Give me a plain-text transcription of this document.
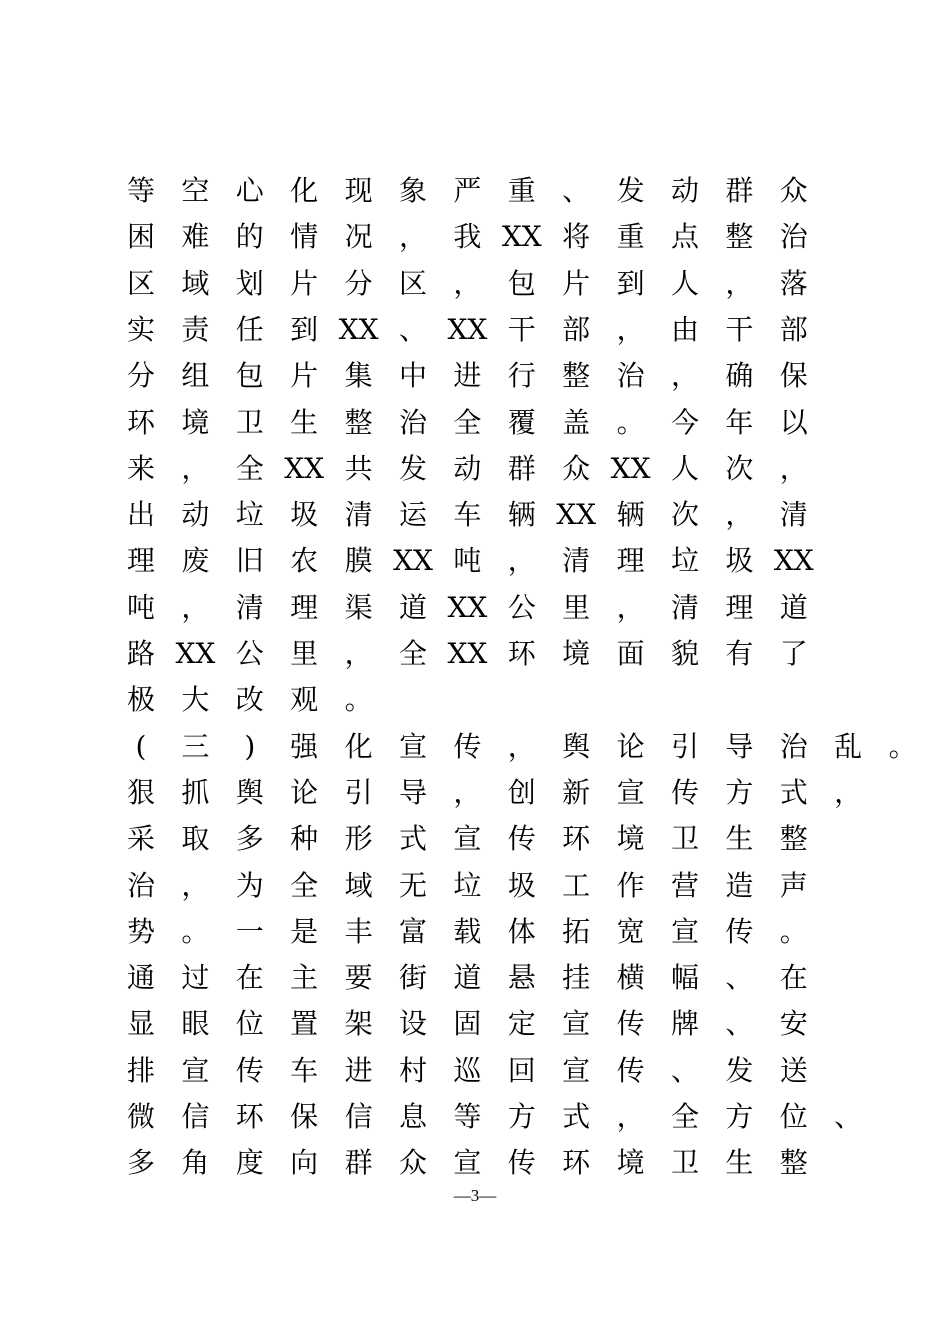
等 空 心 化 现 象 严 重 、 发 动 群 众
困 难 的 情 况 ， 我 XX 将 重 点 整 治
区 域 划 片 分 区 ， 包 片 到 人 ， 落
实 责 任 到 XX 、 XX 干 部 ， 由 干 部
分 组 包 片 集 中 进 行 整 治 ， 确 保
环 境 卫 生 整 治 全 覆 盖 。 今 年 以
来 ， 全 XX 共 发 动 群 众 XX 人 次 ，
出 动 垃 圾 清 运 车 辆 XX 辆 次 ， 清
理 废 旧 农 膜 XX 吨 ， 清 理 垃 圾 XX
吨 ， 清 理 渠 道 XX 公 里 ， 清 理 道
路 XX 公 里 ， 全 XX 环 境 面 貌 有 了
极 大 改 观 。
(	三	)	强 化 宣 传 ， 舆 论 引 导 治 乱 。
狠 抓 舆 论 引 导 ， 创 新 宣 传 方 式 ，
采 取 多 种 形 式 宣 传 环 境 卫 生 整
治 ， 为 全 域 无 垃 圾 工 作 营 造 声
势 。 一 是 丰 富 载 体 拓 宽 宣 传 。
通 过 在 主 要 街 道 悬 挂 横 幅 、 在
显 眼 位 置 架 设 固 定 宣 传 牌 、 安
排 宣 传 车 进 村 巡 回 宣 传 、 发 送
微 信 环 保 信 息 等 方 式 ， 全 方 位 、
多 角 度 向 群 众 宣 传 环 境 卫 生 整
—3—
